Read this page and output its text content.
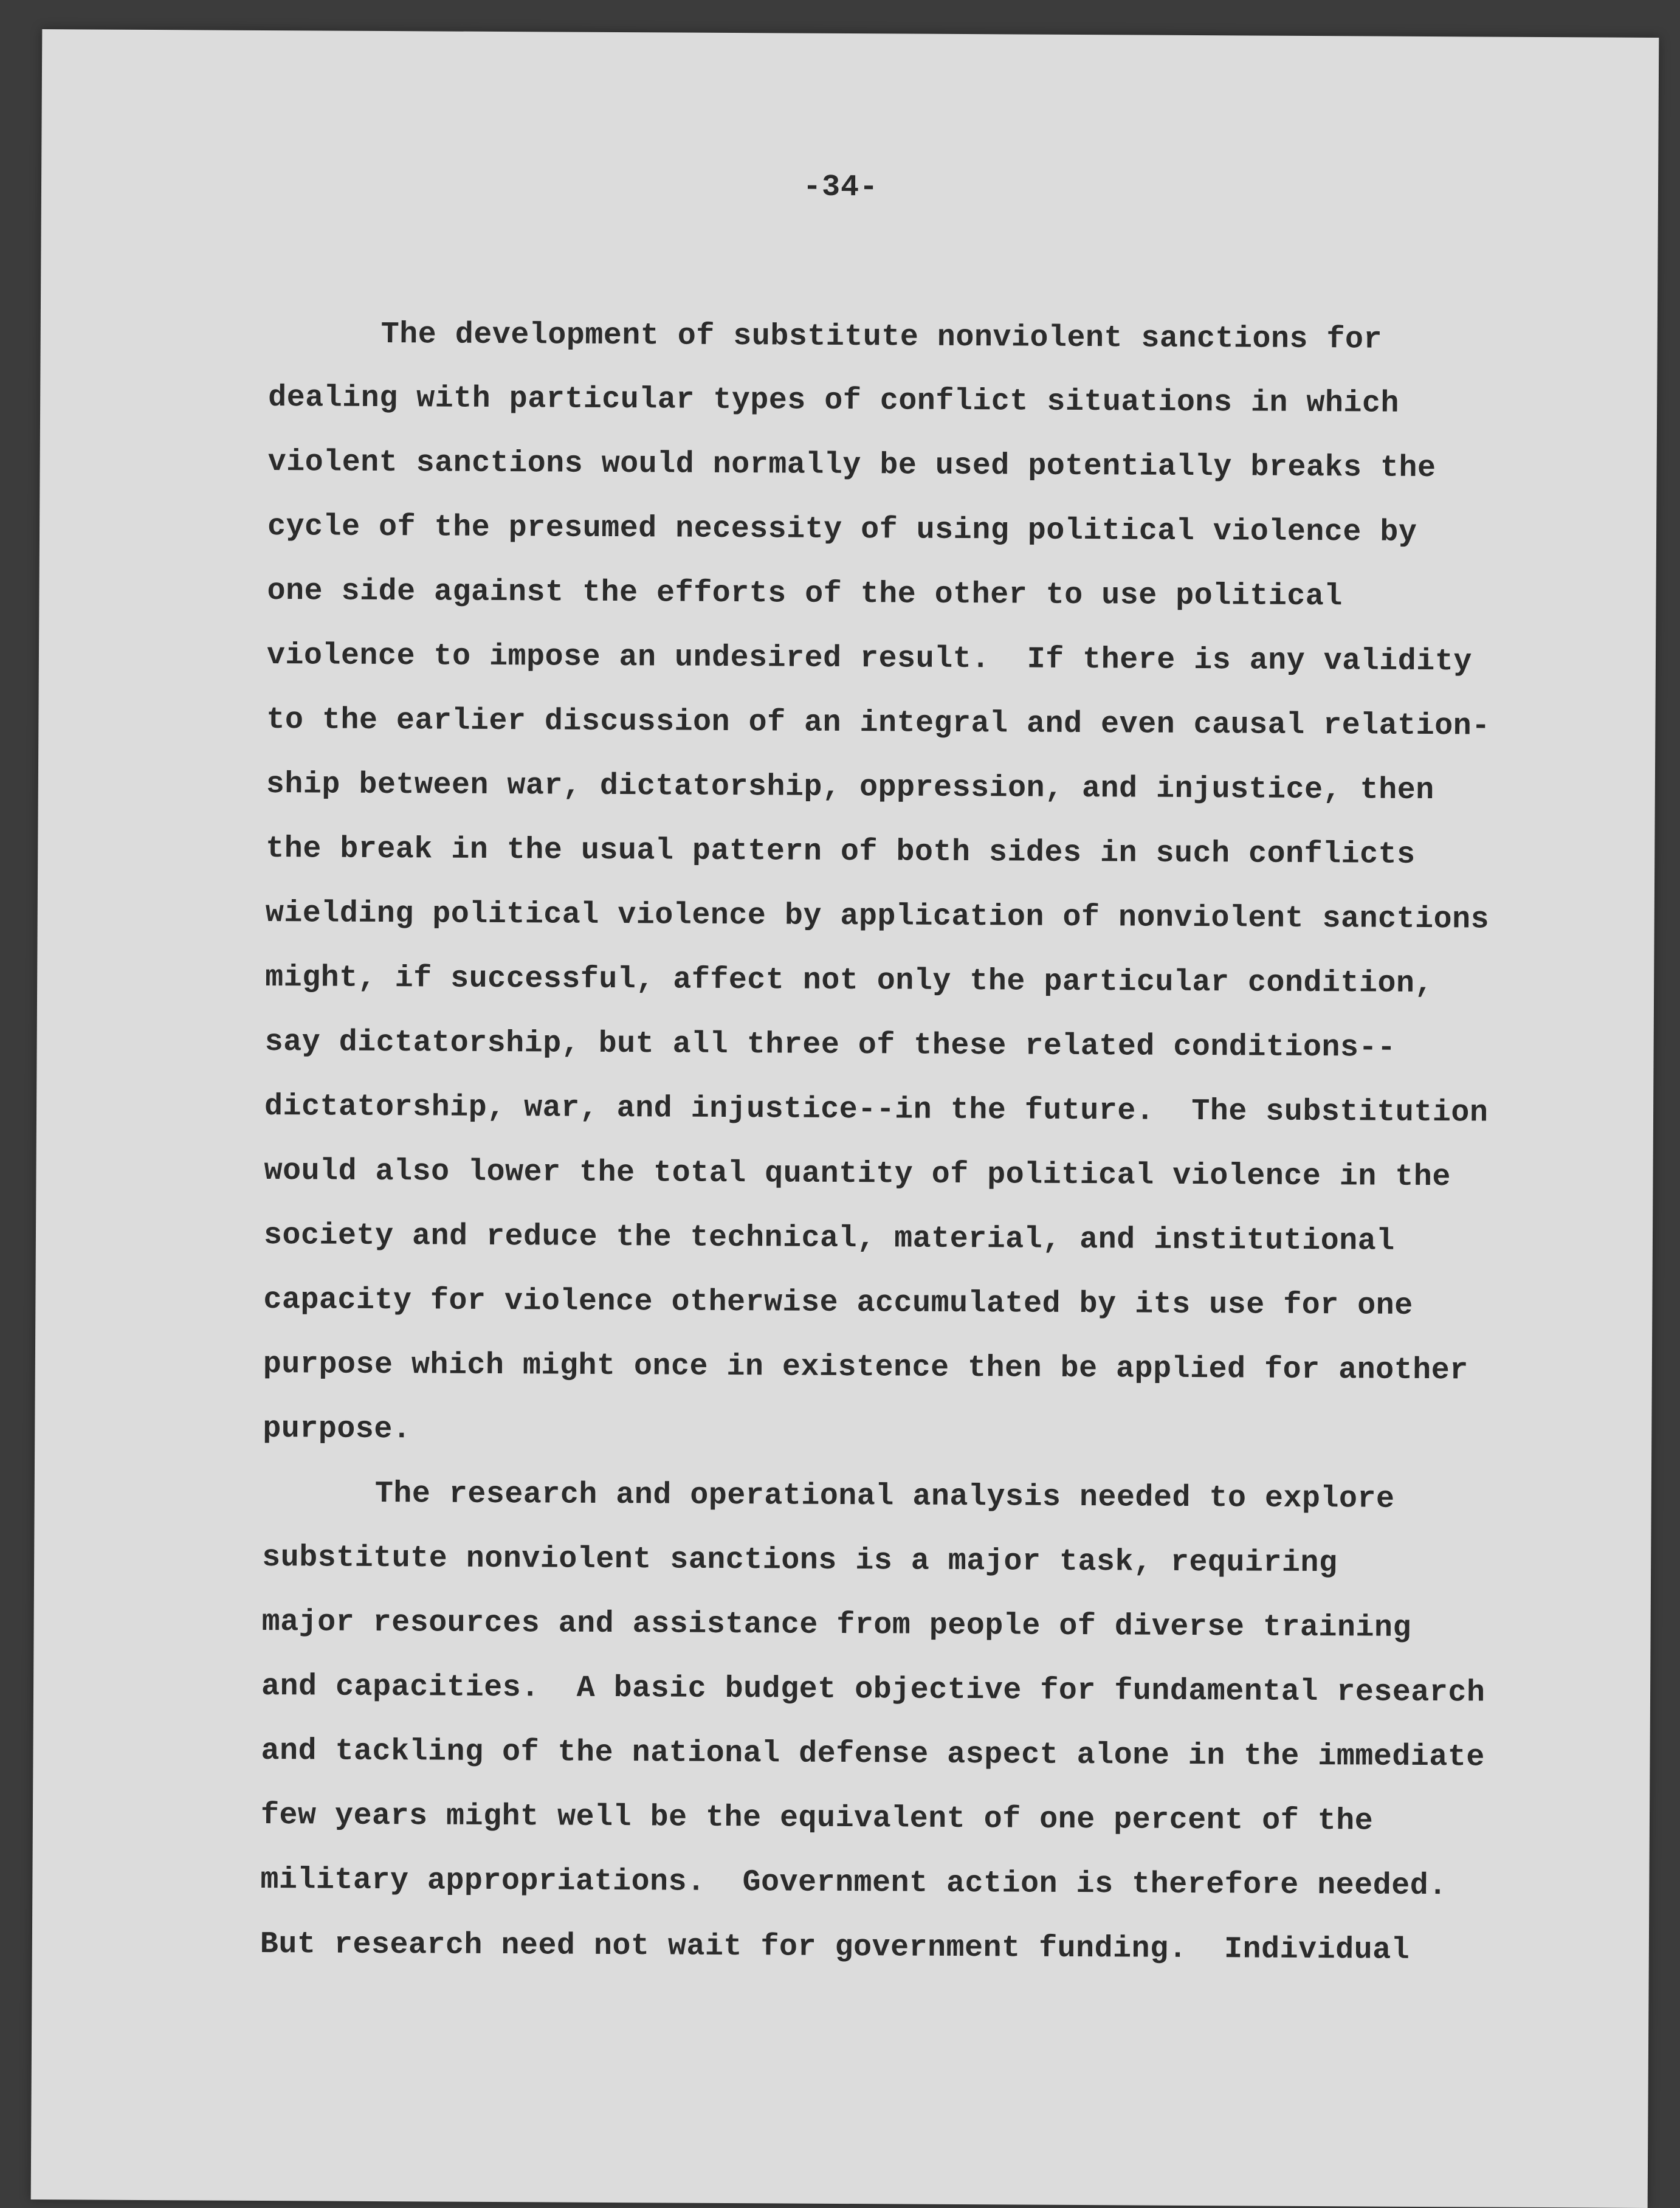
-34-
The development of substitute nonviolent sanctions for
dealing with particular types of conflict situations in which
violent sanctions would normally be used potentially breaks the
cycle of the presumed necessity of using political violence by
one side against the efforts of the other to use political
violence to impose an undesired result.  If there is any validity
to the earlier discussion of an integral and even causal relation-
ship between war, dictatorship, oppression, and injustice, then
the break in the usual pattern of both sides in such conflicts
wielding political violence by application of nonviolent sanctions
might, if successful, affect not only the particular condition,
say dictatorship, but all three of these related conditions--
dictatorship, war, and injustice--in the future.  The substitution
would also lower the total quantity of political violence in the
society and reduce the technical, material, and institutional
capacity for violence otherwise accumulated by its use for one
purpose which might once in existence then be applied for another
purpose.
The research and operational analysis needed to explore
substitute nonviolent sanctions is a major task, requiring
major resources and assistance from people of diverse training
and capacities.  A basic budget objective for fundamental research
and tackling of the national defense aspect alone in the immediate
few years might well be the equivalent of one percent of the
military appropriations.  Government action is therefore needed.
But research need not wait for government funding.  Individual
